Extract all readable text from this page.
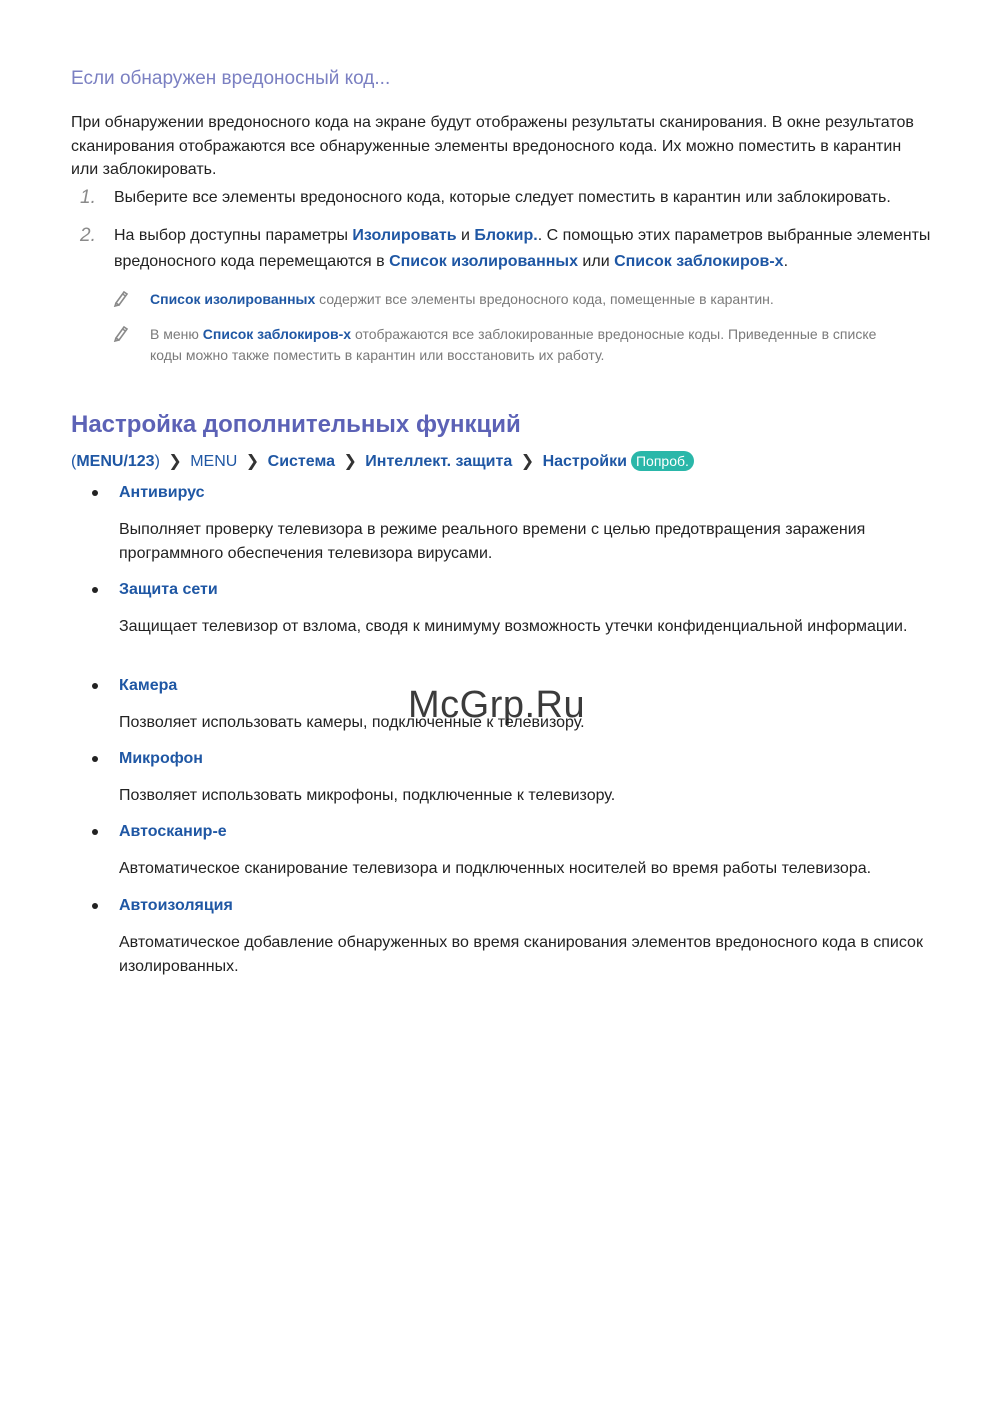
Если обнаружен вредоносный код...

При обнаружении вредоносного кода на экране будут отображены результаты сканирования. В окне результатов сканирования отображаются все обнаруженные элементы вредоносного кода. Их можно поместить в карантин или заблокировать.

1. Выберите все элементы вредоносного кода, которые следует поместить в карантин или заблокировать.
2. На выбор доступны параметры Изолировать и Блокир.. С помощью этих параметров выбранные элементы вредоносного кода перемещаются в Список изолированных или Список заблокиров-х.
Список изолированных содержит все элементы вредоносного кода, помещенные в карантин.
В меню Список заблокиров-х отображаются все заблокированные вредоносные коды. Приведенные в списке коды можно также поместить в карантин или восстановить их работу.
Настройка дополнительных функций
(MENU/123) ❯ MENU ❯ Система ❯ Интеллект. защита ❯ Настройки Попроб.
Антивирус
Выполняет проверку телевизора в режиме реального времени с целью предотвращения заражения программного обеспечения телевизора вирусами.
Защита сети
Защищает телевизор от взлома, сводя к минимуму возможность утечки конфиденциальной информации.
Камера
Позволяет использовать камеры, подключенные к телевизору.
Микрофон
Позволяет использовать микрофоны, подключенные к телевизору.
Автосканир-е
Автоматическое сканирование телевизора и подключенных носителей во время работы телевизора.
Автоизоляция
Автоматическое добавление обнаруженных во время сканирования элементов вредоносного кода в список изолированных.
McGrp.Ru
